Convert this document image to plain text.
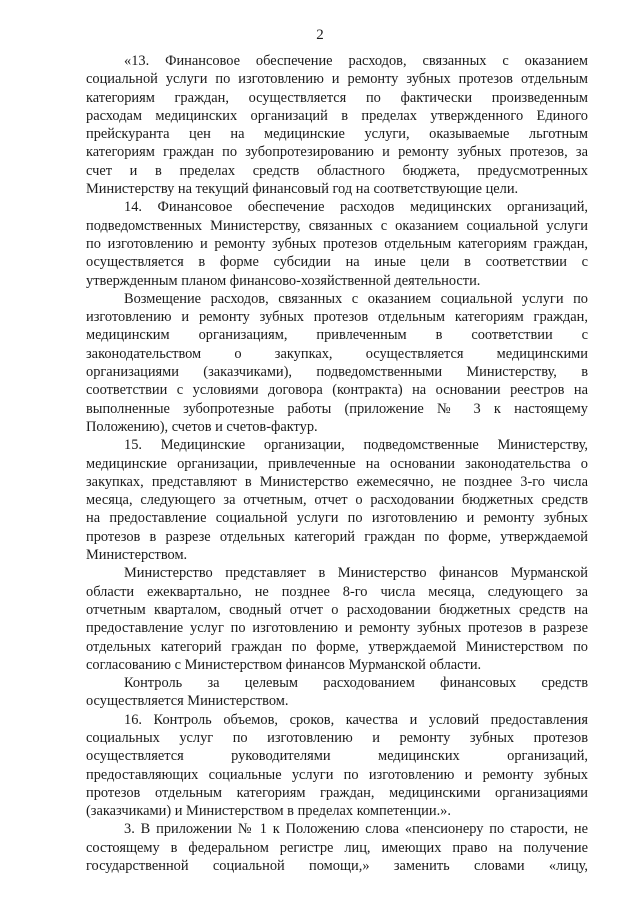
2
«13. Финансовое обеспечение расходов, связанных с оказанием
социальной услуги по изготовлению и ремонту зубных протезов отдельным
категориям граждан, осуществляется по фактически произведенным
расходам медицинских организаций в пределах утвержденного Единого
прейскуранта цен на медицинские услуги, оказываемые льготным
категориям граждан по зубопротезированию и ремонту зубных протезов, за
счет и в пределах средств областного бюджета, предусмотренных
Министерству на текущий финансовый год на соответствующие цели.
14. Финансовое обеспечение расходов медицинских организаций,
подведомственных Министерству, связанных с оказанием социальной услуги
по изготовлению и ремонту зубных протезов отдельным категориям граждан,
осуществляется в форме субсидии на иные цели в соответствии с
утвержденным планом финансово-хозяйственной деятельности.
Возмещение расходов, связанных с оказанием социальной услуги по
изготовлению и ремонту зубных протезов отдельным категориям граждан,
медицинским организациям, привлеченным в соответствии с
законодательством о закупках, осуществляется медицинскими
организациями (заказчиками), подведомственными Министерству, в
соответствии с условиями договора (контракта) на основании реестров на
выполненные зубопротезные работы (приложение № 3 к настоящему
Положению), счетов и счетов-фактур.
15. Медицинские организации, подведомственные Министерству,
медицинские организации, привлеченные на основании законодательства о
закупках, представляют в Министерство ежемесячно, не позднее 3-го числа
месяца, следующего за отчетным, отчет о расходовании бюджетных средств
на предоставление социальной услуги по изготовлению и ремонту зубных
протезов в разрезе отдельных категорий граждан по форме, утверждаемой
Министерством.
Министерство представляет в Министерство финансов Мурманской
области ежеквартально, не позднее 8-го числа месяца, следующего за
отчетным кварталом, сводный отчет о расходовании бюджетных средств на
предоставление услуг по изготовлению и ремонту зубных протезов в разрезе
отдельных категорий граждан по форме, утверждаемой Министерством по
согласованию с Министерством финансов Мурманской области.
Контроль за целевым расходованием финансовых средств
осуществляется Министерством.
16. Контроль объемов, сроков, качества и условий предоставления
социальных услуг по изготовлению и ремонту зубных протезов
осуществляется руководителями медицинских организаций,
предоставляющих социальные услуги по изготовлению и ремонту зубных
протезов отдельным категориям граждан, медицинскими организациями
(заказчиками) и Министерством в пределах компетенции.».
3. В приложении № 1 к Положению слова «пенсионеру по старости, не
состоящему в федеральном регистре лиц, имеющих право на получение
государственной социальной помощи,» заменить словами «лицу,
